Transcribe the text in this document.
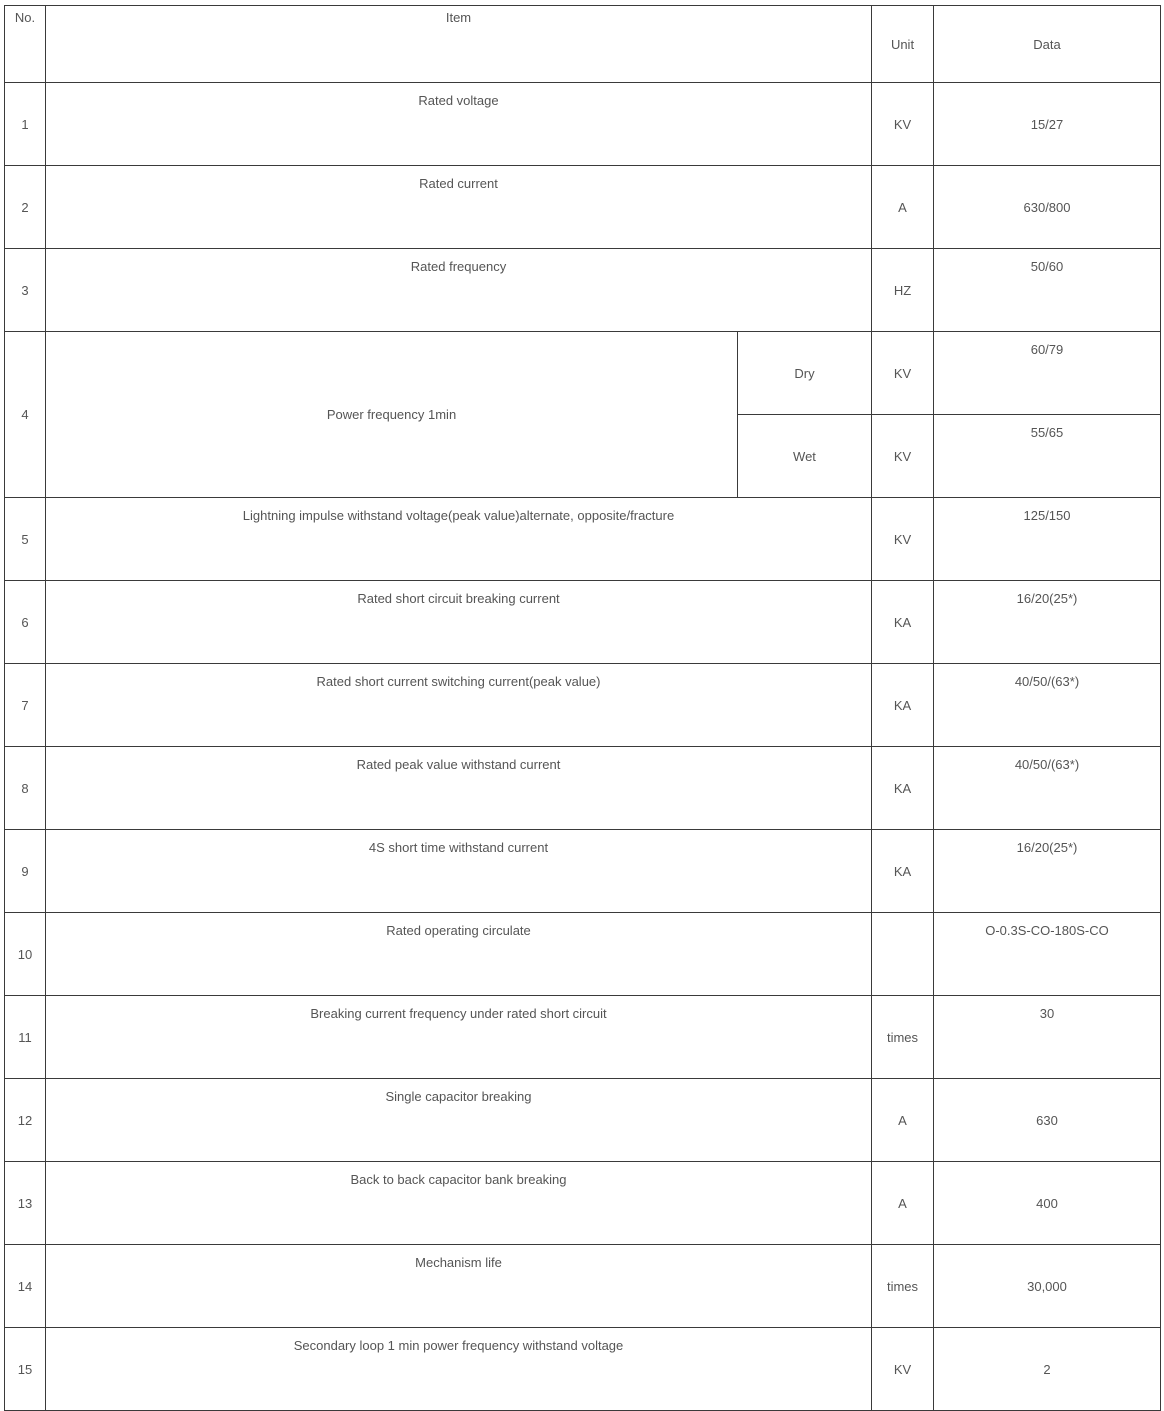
No.	Item		Unit	Data
1	Rated voltage		KV	15/27
2	Rated current		A	630/800
3	Rated frequency		HZ	50/60
4	Power frequency 1min	Dry	KV	60/79
		Wet	KV	55/65
5	Lightning impulse withstand voltage(peak value)alternate, opposite/fracture		KV	125/150
6	Rated short circuit breaking current		KA	16/20(25*)
7	Rated short current switching current(peak value)		KA	40/50/(63*)
8	Rated peak value withstand current		KA	40/50/(63*)
9	4S short time withstand current		KA	16/20(25*)
10	Rated operating circulate			O-0.3S-CO-180S-CO
11	Breaking current frequency under rated short circuit		times	30
12	Single capacitor breaking		A	630
13	Back to back capacitor bank breaking		A	400
14	Mechanism life		times	30,000
15	Secondary loop 1 min power frequency withstand voltage		KV	2
